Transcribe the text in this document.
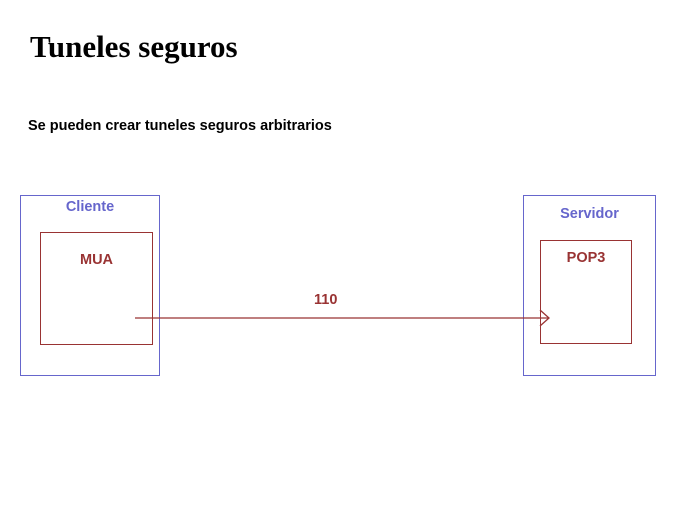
Tuneles seguros
Se pueden crear tuneles seguros arbitrarios
Cliente
MUA
Servidor
POP3
110
